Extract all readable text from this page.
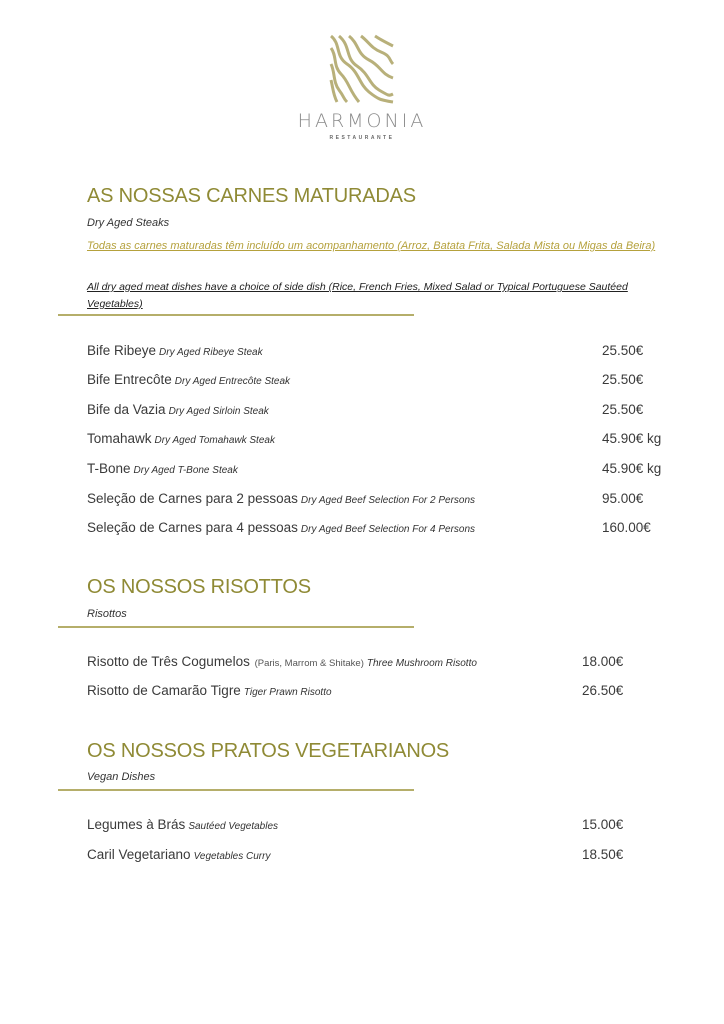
HARMONIA
RESTAURANTE
AS NOSSAS CARNES MATURADAS
Dry Aged Steaks
Todas as carnes maturadas têm incluído um acompanhamento (Arroz, Batata Frita, Salada Mista ou Migas da Beira)
All dry aged meat dishes have a choice of side dish (Rice, French Fries, Mixed Salad or Typical Portuguese Sautéed Vegetables)
Bife Ribeye Dry Aged Ribeye Steak	25.50€
Bife Entrecôte Dry Aged Entrecôte Steak	25.50€
Bife da Vazia Dry Aged Sirloin Steak	25.50€
Tomahawk Dry Aged Tomahawk Steak	45.90€ kg
T-Bone Dry Aged T-Bone Steak	45.90€ kg
Seleção de Carnes para 2 pessoas Dry Aged Beef Selection For 2 Persons	95.00€
Seleção de Carnes para 4 pessoas Dry Aged Beef Selection For 4 Persons	160.00€
OS NOSSOS RISOTTOS
Risottos
Risotto de Três Cogumelos (Paris, Marrom & Shitake) Three Mushroom Risotto	18.00€
Risotto de Camarão Tigre Tiger Prawn Risotto	26.50€
OS NOSSOS PRATOS VEGETARIANOS
Vegan Dishes
Legumes à Brás Sautéed Vegetables	15.00€
Caril Vegetariano Vegetables Curry	18.50€
